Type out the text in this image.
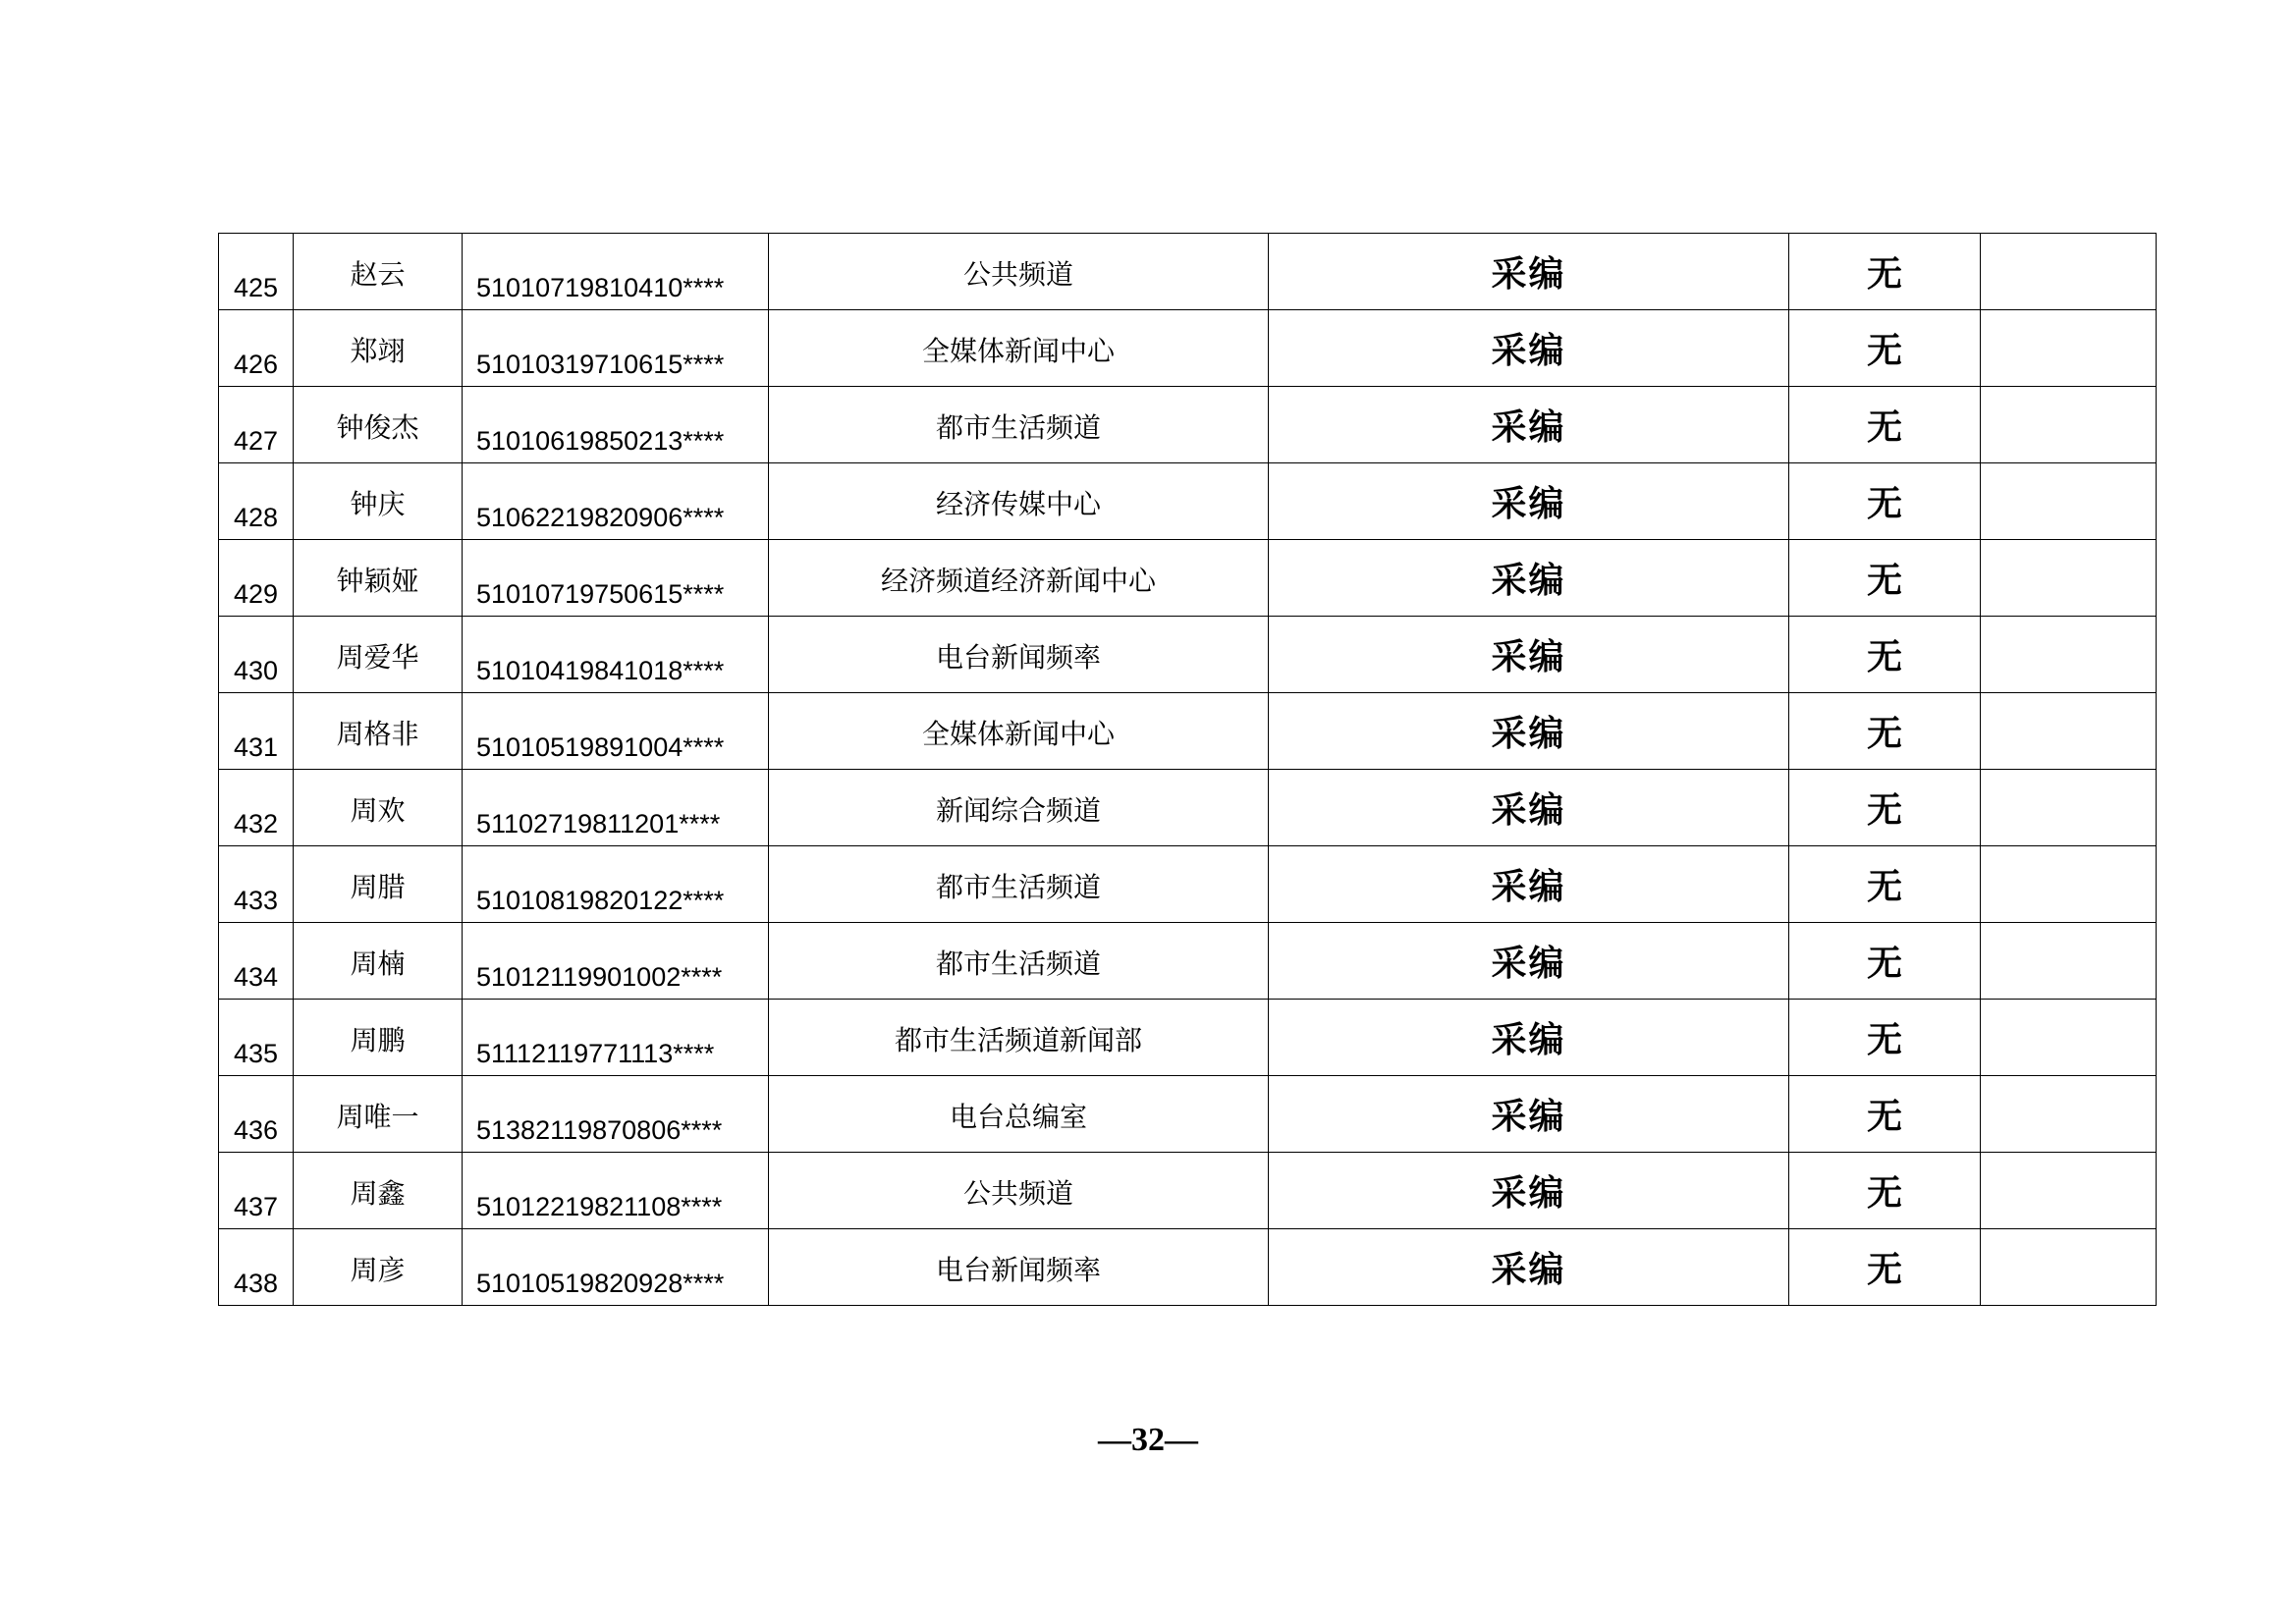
425	赵云	51010719810410****	公共频道	采编	无	
426	郑翊	51010319710615****	全媒体新闻中心	采编	无	
427	钟俊杰	51010619850213****	都市生活频道	采编	无	
428	钟庆	51062219820906****	经济传媒中心	采编	无	
429	钟颖娅	51010719750615****	经济频道经济新闻中心	采编	无	
430	周爱华	51010419841018****	电台新闻频率	采编	无	
431	周格非	51010519891004****	全媒体新闻中心	采编	无	
432	周欢	51102719811201****	新闻综合频道	采编	无	
433	周腊	51010819820122****	都市生活频道	采编	无	
434	周楠	51012119901002****	都市生活频道	采编	无	
435	周鹏	51112119771113****	都市生活频道新闻部	采编	无	
436	周唯一	51382119870806****	电台总编室	采编	无	
437	周鑫	51012219821108****	公共频道	采编	无	
438	周彦	51010519820928****	电台新闻频率	采编	无	
—32—
